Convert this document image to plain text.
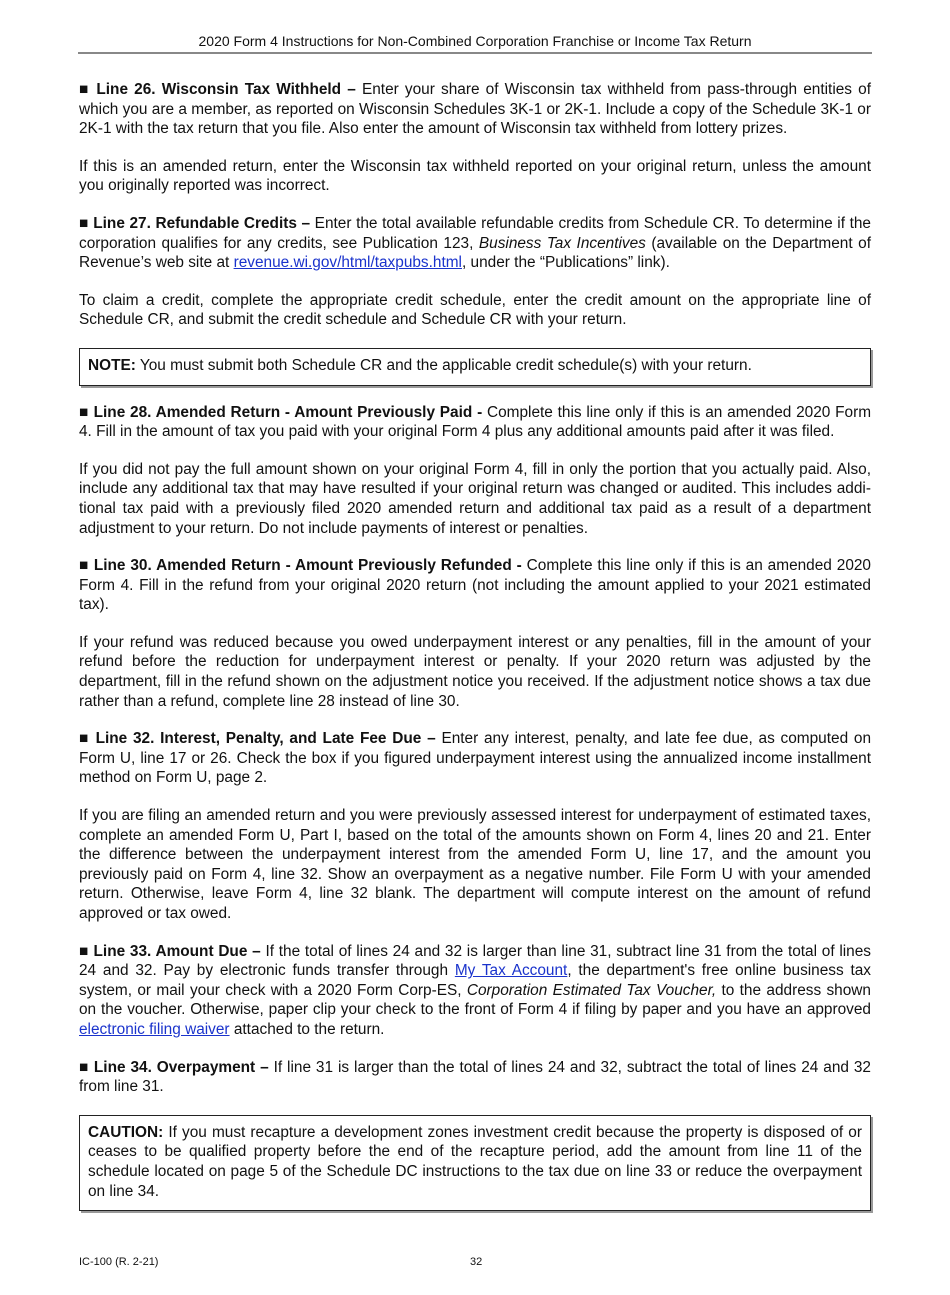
2020 Form 4 Instructions for Non-Combined Corporation Franchise or Income Tax Return

■ Line 26. Wisconsin Tax Withheld – Enter your share of Wisconsin tax withheld from pass-through entities of which you are a member, as reported on Wisconsin Schedules 3K-1 or 2K-1. Include a copy of the Schedule 3K-1 or 2K-1 with the tax return that you file. Also enter the amount of Wisconsin tax withheld from lottery prizes.

If this is an amended return, enter the Wisconsin tax withheld reported on your original return, unless the amount you originally reported was incorrect.

■ Line 27. Refundable Credits – Enter the total available refundable credits from Schedule CR. To determine if the corporation qualifies for any credits, see Publication 123, Business Tax Incentives (available on the Department of Revenue’s web site at revenue.wi.gov/html/taxpubs.html, under the “Publications” link).

To claim a credit, complete the appropriate credit schedule, enter the credit amount on the appropriate line of Schedule CR, and submit the credit schedule and Schedule CR with your return.

NOTE: You must submit both Schedule CR and the applicable credit schedule(s) with your return.

■ Line 28. Amended Return - Amount Previously Paid - Complete this line only if this is an amended 2020 Form 4. Fill in the amount of tax you paid with your original Form 4 plus any additional amounts paid after it was filed.

If you did not pay the full amount shown on your original Form 4, fill in only the portion that you actually paid. Also, include any additional tax that may have resulted if your original return was changed or audited. This includes additional tax paid with a previously filed 2020 amended return and additional tax paid as a result of a department adjustment to your return. Do not include payments of interest or penalties.

■ Line 30. Amended Return - Amount Previously Refunded - Complete this line only if this is an amended 2020 Form 4. Fill in the refund from your original 2020 return (not including the amount applied to your 2021 estimated tax).

If your refund was reduced because you owed underpayment interest or any penalties, fill in the amount of your refund before the reduction for underpayment interest or penalty. If your 2020 return was adjusted by the department, fill in the refund shown on the adjustment notice you received. If the adjustment notice shows a tax due rather than a refund, complete line 28 instead of line 30.

■ Line 32. Interest, Penalty, and Late Fee Due – Enter any interest, penalty, and late fee due, as computed on Form U, line 17 or 26. Check the box if you figured underpayment interest using the annualized income installment method on Form U, page 2.

If you are filing an amended return and you were previously assessed interest for underpayment of estimated taxes, complete an amended Form U, Part I, based on the total of the amounts shown on Form 4, lines 20 and 21. Enter the difference between the underpayment interest from the amended Form U, line 17, and the amount you previously paid on Form 4, line 32. Show an overpayment as a negative number. File Form U with your amended return. Otherwise, leave Form 4, line 32 blank. The department will compute interest on the amount of refund approved or tax owed.

■ Line 33. Amount Due – If the total of lines 24 and 32 is larger than line 31, subtract line 31 from the total of lines 24 and 32. Pay by electronic funds transfer through My Tax Account, the department's free online business tax system, or mail your check with a 2020 Form Corp-ES, Corporation Estimated Tax Voucher, to the address shown on the voucher. Otherwise, paper clip your check to the front of Form 4 if filing by paper and you have an approved electronic filing waiver attached to the return.

■ Line 34. Overpayment – If line 31 is larger than the total of lines 24 and 32, subtract the total of lines 24 and 32 from line 31.

CAUTION: If you must recapture a development zones investment credit because the property is disposed of or ceases to be qualified property before the end of the recapture period, add the amount from line 11 of the schedule located on page 5 of the Schedule DC instructions to the tax due on line 33 or reduce the overpayment on line 34.

IC-100 (R. 2-21)	32
